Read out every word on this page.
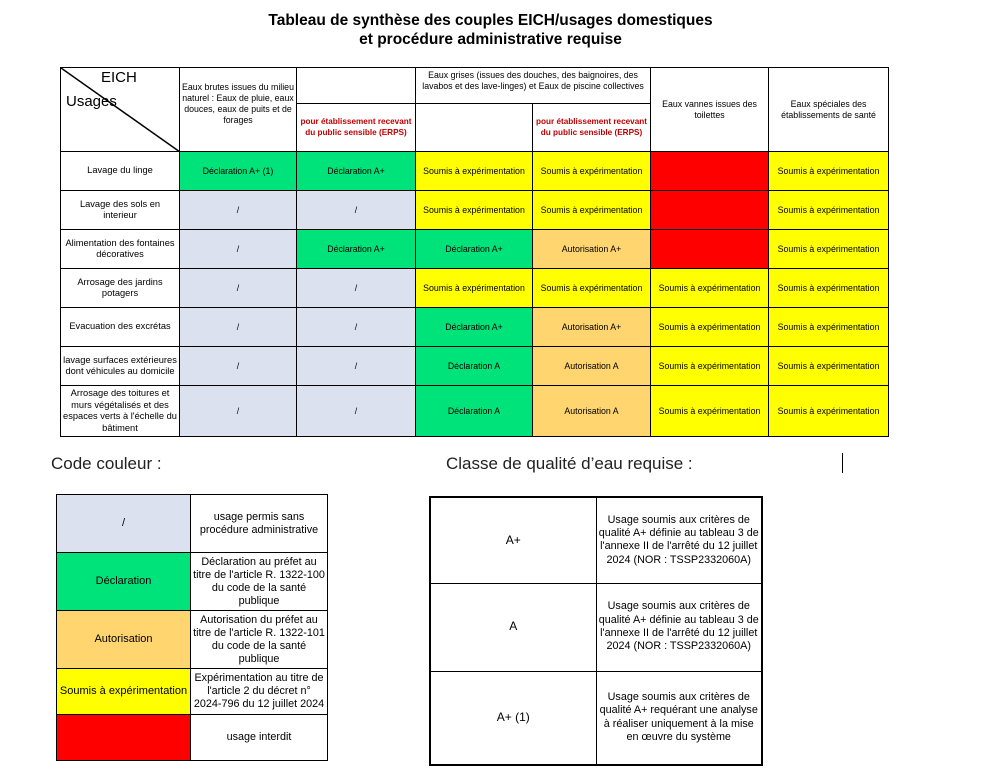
Tableau de synthèse des couples EICH/usages domestiques
et procédure administrative requise
EICH
Usages	Eaux brutes issues du milieu naturel : Eaux de pluie, eaux douces, eaux de puits et de forages		Eaux grises (issues des douches, des baignoires, des lavabos et des lave-linges) et Eaux de piscine collectives		Eaux vannes issues des toilettes	Eaux spéciales des établissements de santé
		pour établissement recevant du public sensible (ERPS)		pour établissement recevant du public sensible (ERPS)		
Lavage du linge	Déclaration A+ (1)	Déclaration A+	Soumis à expérimentation	Soumis à expérimentation		Soumis à expérimentation
Lavage des sols en interieur	/	/	Soumis à expérimentation	Soumis à expérimentation		Soumis à expérimentation
Alimentation des fontaines décoratives	/	Déclaration A+	Déclaration A+	Autorisation A+		Soumis à expérimentation
Arrosage des jardins potagers	/	/	Soumis à expérimentation	Soumis à expérimentation	Soumis à expérimentation	Soumis à expérimentation
Evacuation des excrétas	/	/	Déclaration A+	Autorisation A+	Soumis à expérimentation	Soumis à expérimentation
lavage surfaces extérieures dont véhicules au domicile	/	/	Déclaration A	Autorisation A	Soumis à expérimentation	Soumis à expérimentation
Arrosage des toitures et murs végétalisés et des espaces verts à l'échelle du bâtiment	/	/	Déclaration A	Autorisation A	Soumis à expérimentation	Soumis à expérimentation
Code couleur :	Classe de qualité d’eau requise :
/	usage permis sans procédure administrative
Déclaration	Déclaration au préfet au titre de l'article R. 1322-100 du code de la santé publique
Autorisation	Autorisation du préfet au titre de l'article R. 1322-101 du code de la santé publique
Soumis à expérimentation	Expérimentation au titre de l'article 2 du décret n° 2024-796 du 12 juillet 2024
	usage interdit
A+	Usage soumis aux critères de qualité A+ définie au tableau 3 de l'annexe II de l'arrêté du 12 juillet 2024 (NOR : TSSP2332060A)
A	Usage soumis aux critères de qualité A+ définie au tableau 3 de l'annexe II de l'arrêté du 12 juillet 2024 (NOR : TSSP2332060A)
A+ (1)	Usage soumis aux critères de qualité A+ requérant une analyse à réaliser uniquement à la mise en œuvre du système
